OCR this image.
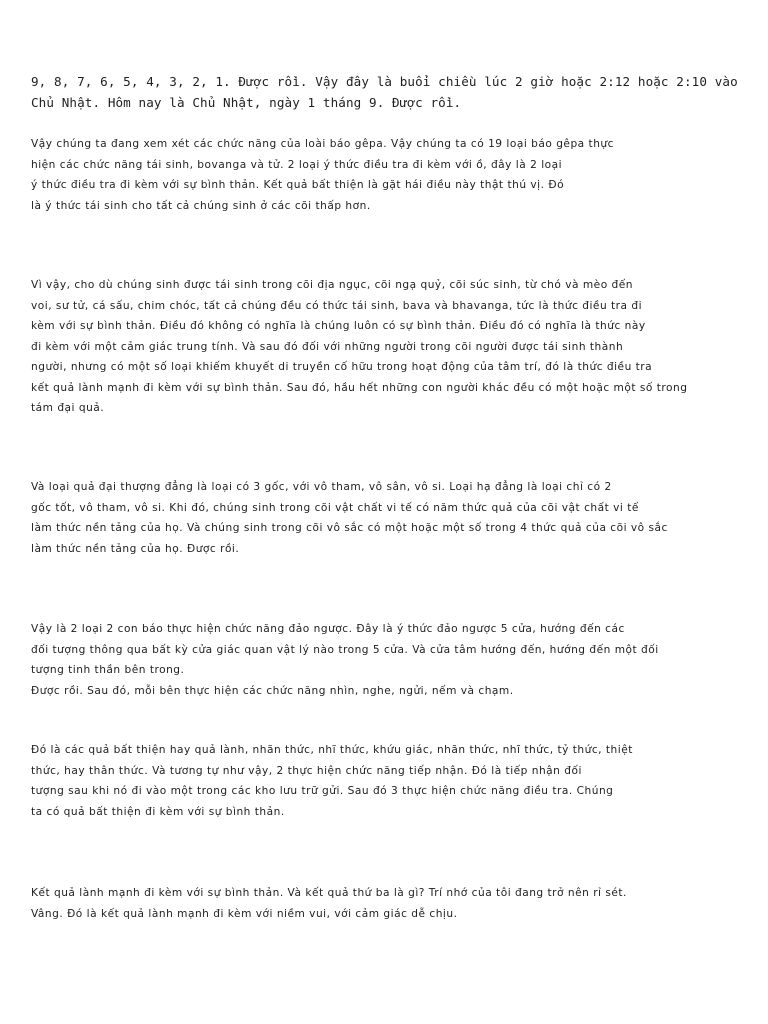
9, 8, 7, 6, 5, 4, 3, 2, 1. Được rồi. Vậy đây là buổi chiều lúc 2 giờ hoặc 2:12 hoặc 2:10 vào
Chủ Nhật. Hôm nay là Chủ Nhật, ngày 1 tháng 9. Được rồi.
Vậy chúng ta đang xem xét các chức năng của loài báo gêpa. Vậy chúng ta có 19 loại báo gêpa thực
hiện các chức năng tái sinh, bovanga và tử. 2 loại ý thức điều tra đi kèm với ồ, đây là 2 loại
ý thức điều tra đi kèm với sự bình thản. Kết quả bất thiện là gặt hái điều này thật thú vị. Đó
là ý thức tái sinh cho tất cả chúng sinh ở các cõi thấp hơn.
Vì vậy, cho dù chúng sinh được tái sinh trong cõi địa ngục, cõi ngạ quỷ, cõi súc sinh, từ chó và mèo đến
voi, sư tử, cá sấu, chim chóc, tất cả chúng đều có thức tái sinh, bava và bhavanga, tức là thức điều tra đi
kèm với sự bình thản. Điều đó không có nghĩa là chúng luôn có sự bình thản. Điều đó có nghĩa là thức này
đi kèm với một cảm giác trung tính. Và sau đó đối với những người trong cõi người được tái sinh thành
người, nhưng có một số loại khiếm khuyết di truyền cố hữu trong hoạt động của tâm trí, đó là thức điều tra
kết quả lành mạnh đi kèm với sự bình thản. Sau đó, hầu hết những con người khác đều có một hoặc một số trong
tám đại quả.
Và loại quả đại thượng đẳng là loại có 3 gốc, với vô tham, vô sân, vô si. Loại hạ đẳng là loại chỉ có 2
gốc tốt, vô tham, vô si. Khi đó, chúng sinh trong cõi vật chất vi tế có năm thức quả của cõi vật chất vi tế
làm thức nền tảng của họ. Và chúng sinh trong cõi vô sắc có một hoặc một số trong 4 thức quả của cõi vô sắc
làm thức nền tảng của họ. Được rồi.
Vậy là 2 loại 2 con báo thực hiện chức năng đảo ngược. Đây là ý thức đảo ngược 5 cửa, hướng đến các
đối tượng thông qua bất kỳ cửa giác quan vật lý nào trong 5 cửa. Và cửa tâm hướng đến, hướng đến một đối
tượng tinh thần bên trong.
Được rồi. Sau đó, mỗi bên thực hiện các chức năng nhìn, nghe, ngửi, nếm và chạm.
Đó là các quả bất thiện hay quả lành, nhãn thức, nhĩ thức, khứu giác, nhãn thức, nhĩ thức, tỷ thức, thiệt
thức, hay thân thức. Và tương tự như vậy, 2 thực hiện chức năng tiếp nhận. Đó là tiếp nhận đối
tượng sau khi nó đi vào một trong các kho lưu trữ gửi. Sau đó 3 thực hiện chức năng điều tra. Chúng
ta có quả bất thiện đi kèm với sự bình thản.
Kết quả lành mạnh đi kèm với sự bình thản. Và kết quả thứ ba là gì? Trí nhớ của tôi đang trở nên rỉ sét.
Vâng. Đó là kết quả lành mạnh đi kèm với niềm vui, với cảm giác dễ chịu.
